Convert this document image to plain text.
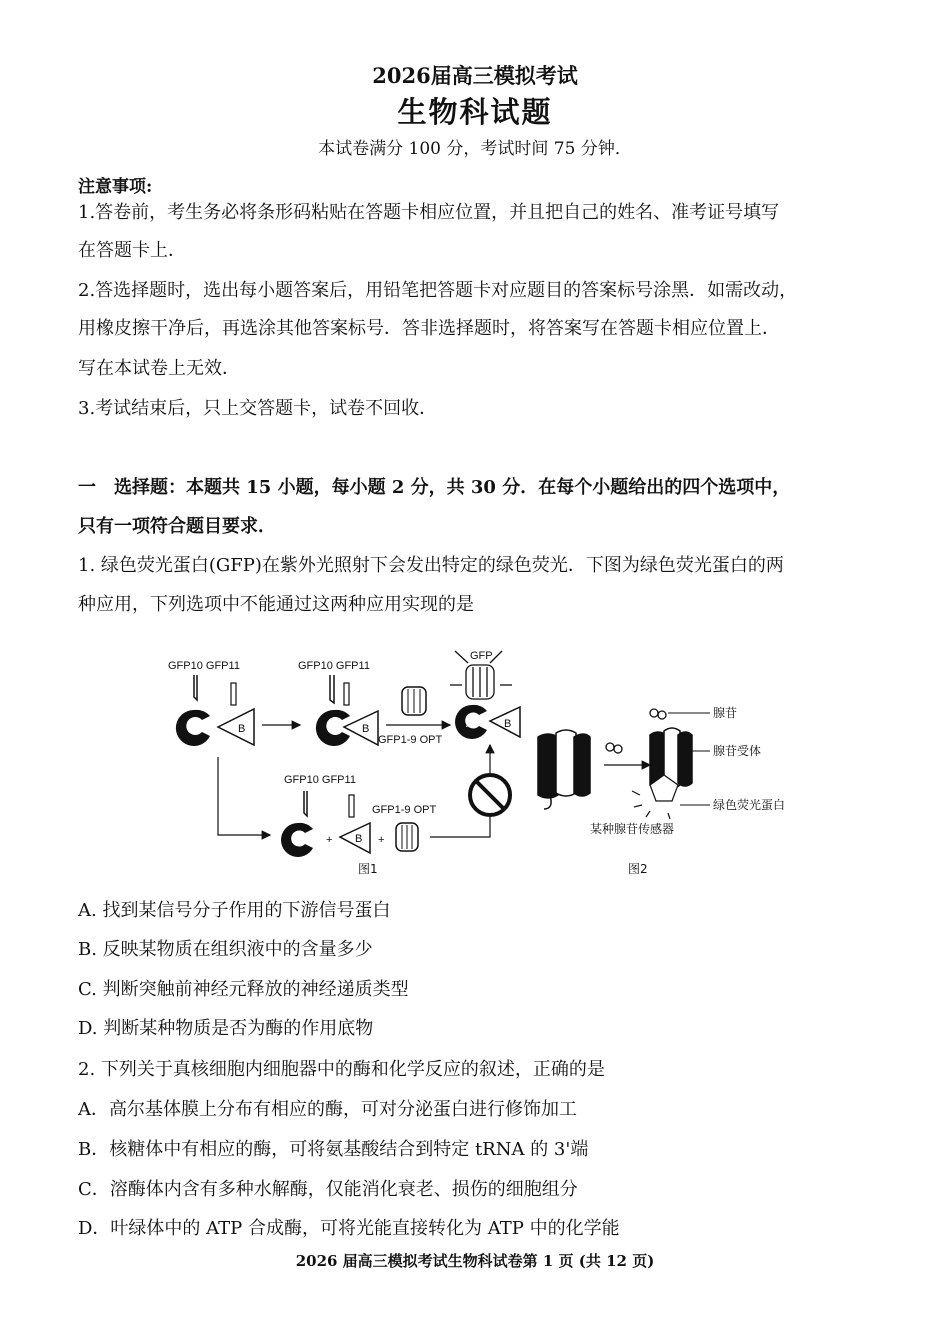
2026届高三模拟考试
生物科试题
本试卷满分 100 分，考试时间 75 分钟．
注意事项:
1.答卷前，考生务必将条形码粘贴在答题卡相应位置，并且把自己的姓名、准考证号填写
在答题卡上．
2.答选择题时，选出每小题答案后，用铅笔把答题卡对应题目的答案标号涂黑．如需改动，
用橡皮擦干净后，再选涂其他答案标号．答非选择题时，将答案写在答题卡相应位置上．
写在本试卷上无效．
3.考试结束后，只上交答题卡，试卷不回收．
一　选择题：本题共 15 小题，每小题 2 分，共 30 分．在每个小题给出的四个选项中，
只有一项符合题目要求．
1. 绿色荧光蛋白(GFP)在紫外光照射下会发出特定的绿色荧光．下图为绿色荧光蛋白的两
种应用，下列选项中不能通过这两种应用实现的是
GFP10 GFP11
A	B
GFP10 GFP11
A B
GFP1-9 OPT
GFP
A	B
GFP10 GFP11
A + B +
GFP1-9 OPT
图1
腺苷
腺苷受体
绿色荧光蛋白
某种腺苷传感器
图2
A. 找到某信号分子作用的下游信号蛋白
B. 反映某物质在组织液中的含量多少
C. 判断突触前神经元释放的神经递质类型
D. 判断某种物质是否为酶的作用底物
2. 下列关于真核细胞内细胞器中的酶和化学反应的叙述，正确的是
A．高尔基体膜上分布有相应的酶，可对分泌蛋白进行修饰加工
B．核糖体中有相应的酶，可将氨基酸结合到特定 tRNA 的 3'端
C．溶酶体内含有多种水解酶，仅能消化衰老、损伤的细胞组分
D．叶绿体中的 ATP 合成酶，可将光能直接转化为 ATP 中的化学能
2026 届高三模拟考试生物科试卷第 1 页 (共 12 页)
